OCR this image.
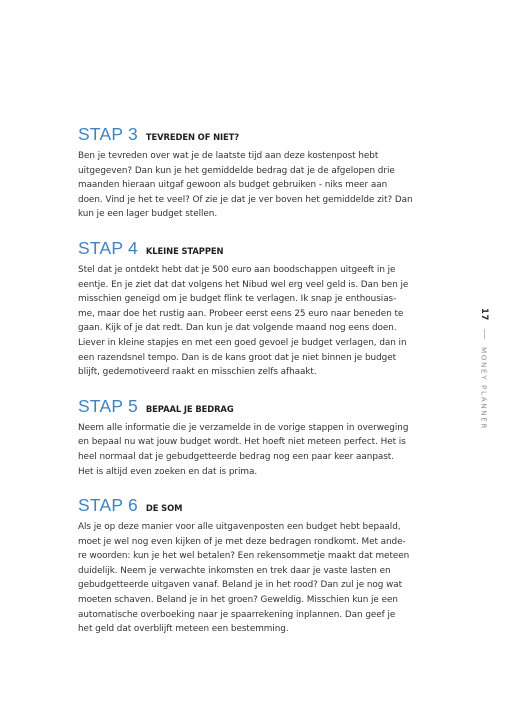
STAP 3 TEVREDEN OF NIET?

Ben je tevreden over wat je de laatste tijd aan deze kostenpost hebt
uitgegeven? Dan kun je het gemiddelde bedrag dat je de afgelopen drie
maanden hieraan uitgaf gewoon als budget gebruiken - niks meer aan
doen. Vind je het te veel? Of zie je dat je ver boven het gemiddelde zit? Dan
kun je een lager budget stellen.

STAP 4 KLEINE STAPPEN

Stel dat je ontdekt hebt dat je 500 euro aan boodschappen uitgeeft in je
eentje. En je ziet dat dat volgens het Nibud wel erg veel geld is. Dan ben je
misschien geneigd om je budget flink te verlagen. Ik snap je enthousias-
me, maar doe het rustig aan. Probeer eerst eens 25 euro naar beneden te
gaan. Kijk of je dat redt. Dan kun je dat volgende maand nog eens doen.
Liever in kleine stapjes en met een goed gevoel je budget verlagen, dan in
een razendsnel tempo. Dan is de kans groot dat je niet binnen je budget
blijft, gedemotiveerd raakt en misschien zelfs afhaakt.

STAP 5 BEPAAL JE BEDRAG

Neem alle informatie die je verzamelde in de vorige stappen in overweging
en bepaal nu wat jouw budget wordt. Het hoeft niet meteen perfect. Het is
heel normaal dat je gebudgetteerde bedrag nog een paar keer aanpast.
Het is altijd even zoeken en dat is prima.

STAP 6 DE SOM

Als je op deze manier voor alle uitgavenposten een budget hebt bepaald,
moet je wel nog even kijken of je met deze bedragen rondkomt. Met ande-
re woorden: kun je het wel betalen? Een rekensommetje maakt dat meteen
duidelijk. Neem je verwachte inkomsten en trek daar je vaste lasten en
gebudgetteerde uitgaven vanaf. Beland je in het rood? Dan zul je nog wat
moeten schaven. Beland je in het groen? Geweldig. Misschien kun je een
automatische overboeking naar je spaarrekening inplannen. Dan geef je
het geld dat overblijft meteen een bestemming.

17
MONEY PLANNER
